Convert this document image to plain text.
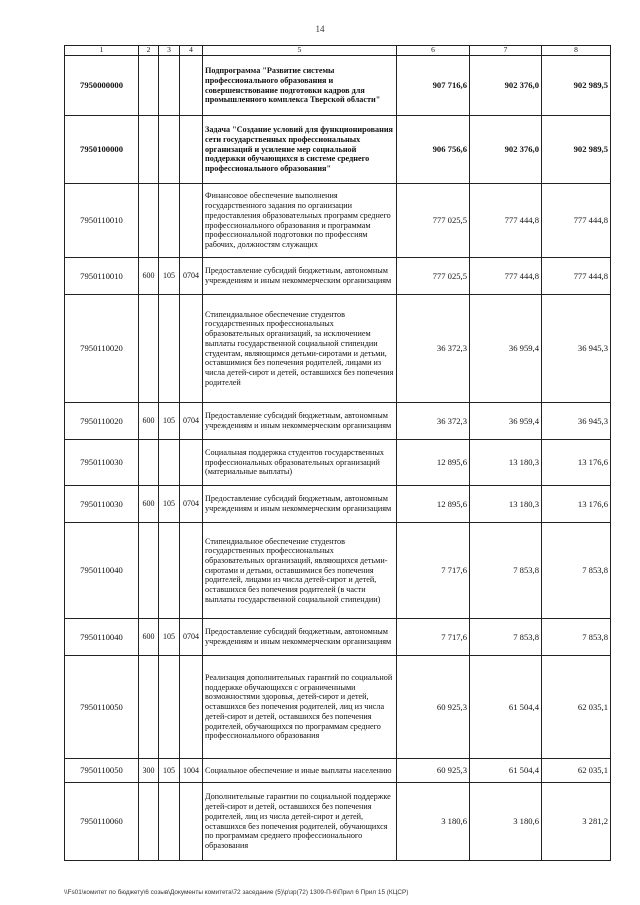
14
1	2	3	4	5	6	7	8
7950000000				Подпрограмма "Развитие системы профессионального образования и совершенствование подготовки кадров для промышленного комплекса Тверской области"	907 716,6	902 376,0	902 989,5
7950100000				Задача "Создание условий для функционирования сети государственных профессиональных организаций и усиление мер социальной поддержки обучающихся в системе среднего профессионального образования"	906 756,6	902 376,0	902 989,5
7950110010				Финансовое обеспечение выполнения государственного задания по организации предоставления образовательных программ среднего профессионального образования и программам профессиональной подготовки по профессиям рабочих, должностям служащих	777 025,5	777 444,8	777 444,8
7950110010	600	105	0704	Предоставление субсидий бюджетным, автономным учреждениям и иным некоммерческим организациям	777 025,5	777 444,8	777 444,8
7950110020				Стипендиальное обеспечение студентов государственных профессиональных образовательных организаций, за исключением выплаты государственной социальной стипендии студентам, являющимся детьми-сиротами и детьми, оставшимися без попечения родителей, лицами из числа детей-сирот и детей, оставшихся без попечения родителей	36 372,3	36 959,4	36 945,3
7950110020	600	105	0704	Предоставление субсидий бюджетным, автономным учреждениям и иным некоммерческим организациям	36 372,3	36 959,4	36 945,3
7950110030				Социальная поддержка студентов государственных профессиональных образовательных организаций (материальные выплаты)	12 895,6	13 180,3	13 176,6
7950110030	600	105	0704	Предоставление субсидий бюджетным, автономным учреждениям и иным некоммерческим организациям	12 895,6	13 180,3	13 176,6
7950110040				Стипендиальное обеспечение студентов государственных профессиональных образовательных организаций, являющихся детьми-сиротами и детьми, оставшимися без попечения родителей, лицами из числа детей-сирот и детей, оставшихся без попечения родителей (в части выплаты государственной социальной стипендии)	7 717,6	7 853,8	7 853,8
7950110040	600	105	0704	Предоставление субсидий бюджетным, автономным учреждениям и иным некоммерческим организациям	7 717,6	7 853,8	7 853,8
7950110050				Реализация дополнительных гарантий по социальной поддержке обучающихся с ограниченными возможностями здоровья, детей-сирот и детей, оставшихся без попечения родителей, лиц из числа детей-сирот и детей, оставшихся без попечения родителей, обучающихся по программам среднего профессионального образования	60 925,3	61 504,4	62 035,1
7950110050	300	105	1004	Социальное обеспечение и иные выплаты населению	60 925,3	61 504,4	62 035,1
7950110060				Дополнительные гарантии по социальной поддержке детей-сирот и детей, оставшихся без попечения родителей, лиц из числа детей-сирот и детей, оставшихся без попечения родителей, обучающихся по программам среднего профессионального образования	3 180,6	3 180,6	3 281,2
\\Fs01\комитет по бюджету\6 созыв\Документы комитета\72 заседание (5)\р\зр(72) 1309-П-6\Прил 6 Прил 15 (КЦСР)
